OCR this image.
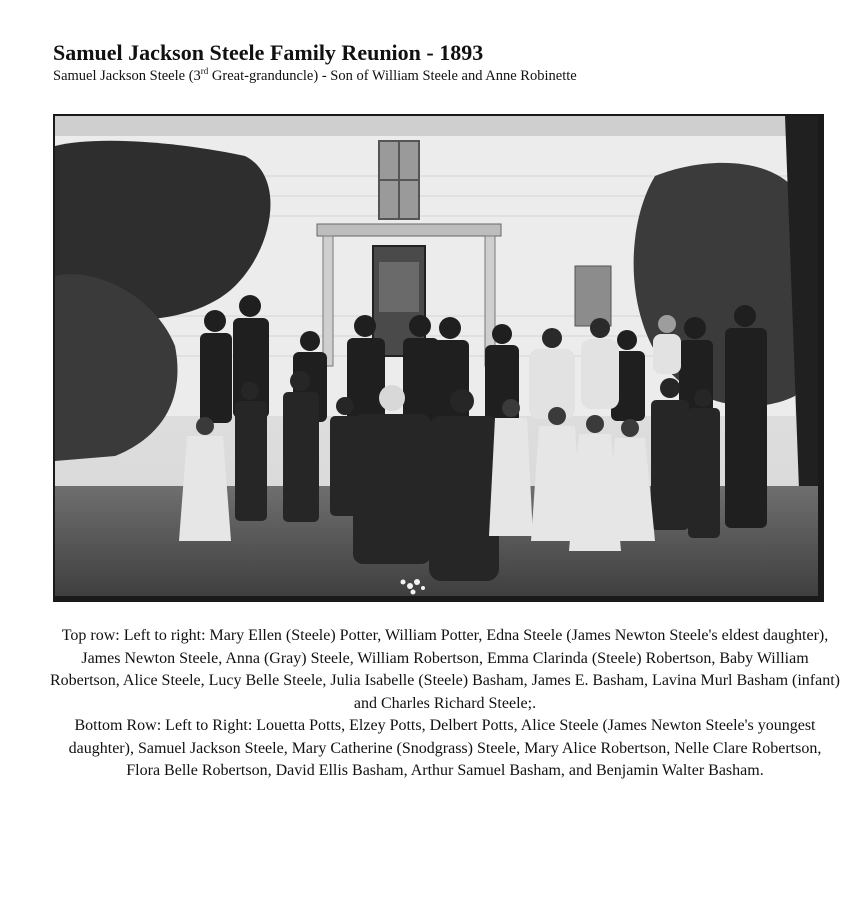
Samuel Jackson Steele Family Reunion - 1893
Samuel Jackson Steele (3rd Great-granduncle) - Son of William Steele and Anne Robinette

Top row: Left to right: Mary Ellen (Steele) Potter, William Potter, Edna Steele (James Newton Steele's eldest daughter), James Newton Steele, Anna (Gray) Steele, William Robertson, Emma Clarinda (Steele) Robertson, Baby William Robertson, Alice Steele, Lucy Belle Steele, Julia Isabelle (Steele) Basham, James E. Basham, Lavina Murl Basham (infant) and Charles Richard Steele;.

Bottom Row: Left to Right: Louetta Potts, Elzey Potts, Delbert Potts, Alice Steele (James Newton Steele's youngest daughter), Samuel Jackson Steele, Mary Catherine (Snodgrass) Steele, Mary Alice Robertson, Nelle Clare Robertson, Flora Belle Robertson, David Ellis Basham, Arthur Samuel Basham, and Benjamin Walter Basham.
